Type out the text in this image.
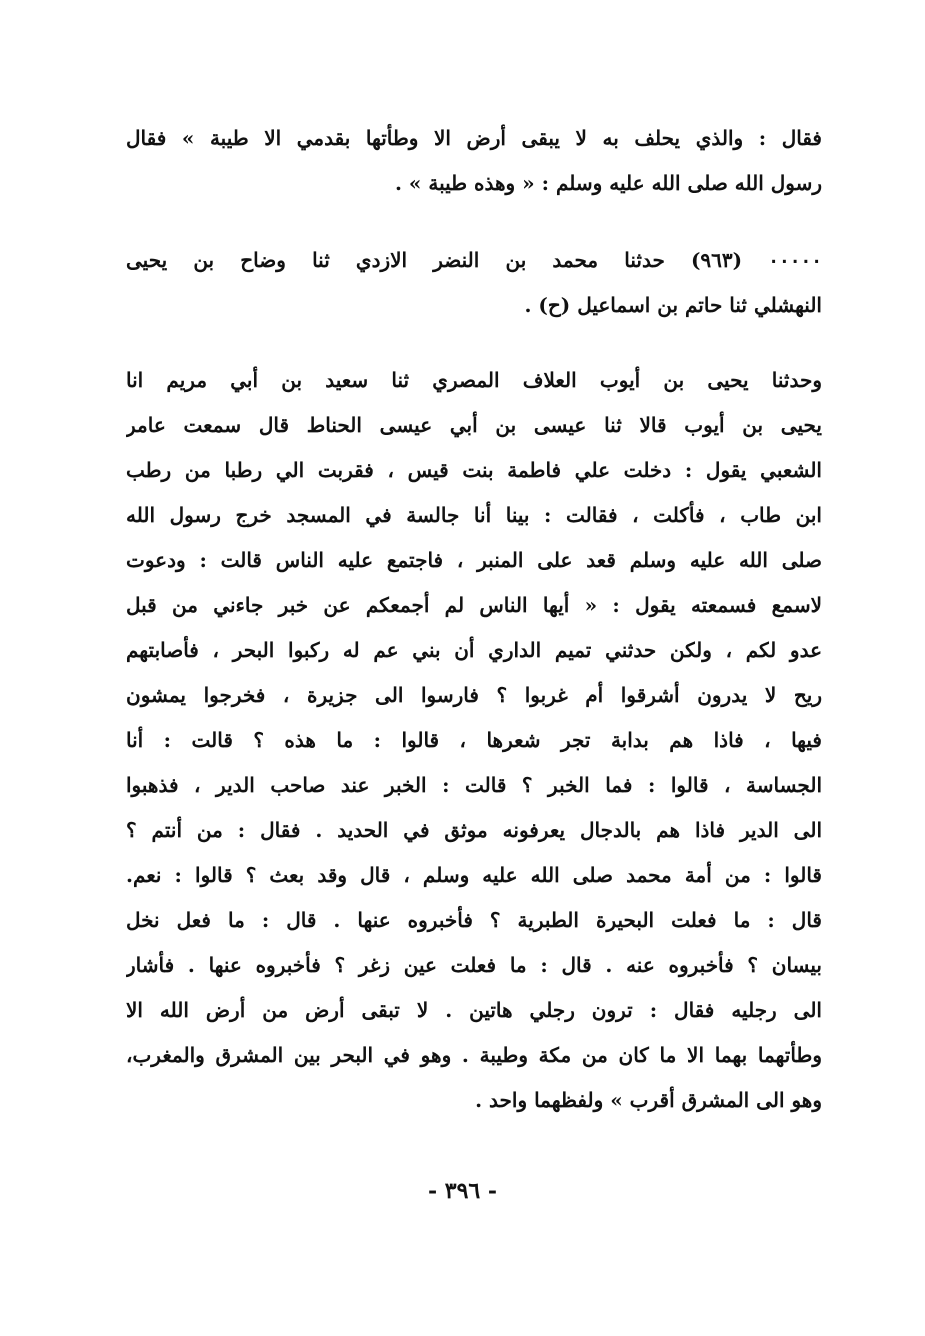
فقال : والذي يحلف به لا يبقى أرض الا وطأتها بقدمي الا طيبة » فقال
رسول الله صلى الله عليه وسلم : « وهذه طيبة » .
٠٠٠٠٠ (٩٦٣) حدثنا محمد بن النضر الازدي ثنا وضاح بن يحيى
النهشلي ثنا حاتم بن اسماعيل (ح) .
وحدثنا يحيى بن أيوب العلاف المصري ثنا سعيد بن أبي مريم انا
يحيى بن أيوب قالا ثنا عيسى بن أبي عيسى الحناط قال سمعت عامر
الشعبي يقول : دخلت علي فاطمة بنت قيس ، فقربت الي رطبا من رطب
ابن طاب ، فأكلت ، فقالت : بينا أنا جالسة في المسجد خرج رسول الله
صلى الله عليه وسلم قعد على المنبر ، فاجتمع عليه الناس قالت : ودعوت
لاسمع فسمعته يقول : « أيها الناس لم أجمعكم عن خبر جاءني من قبل
عدو لكم ، ولكن حدثني تميم الداري أن بني عم له ركبوا البحر ، فأصابتهم
ريح لا يدرون أشرقوا أم غربوا ؟ فارسوا الى جزيرة ، فخرجوا يمشون
فيها ، فاذا هم بدابة تجر شعرها ، قالوا : ما هذه ؟ قالت : أنا
الجساسة ، قالوا : فما الخبر ؟ قالت : الخبر عند صاحب الدير ، فذهبوا
الى الدير فاذا هم بالدجال يعرفونه موثق في الحديد . فقال : من أنتم ؟
قالوا : من أمة محمد صلى الله عليه وسلم ، قال وقد بعث ؟ قالوا : نعم.
قال : ما فعلت البحيرة الطبرية ؟ فأخبروه عنها . قال : ما فعل نخل
بيسان ؟ فأخبروه عنه . قال : ما فعلت عين زغر ؟ فأخبروه عنها . فأشار
الى رجليه فقال : ترون رجلي هاتين . لا تبقى أرض من أرض الله الا
وطأتهما بهما الا ما كان من مكة وطيبة . وهو في البحر بين المشرق والمغرب،
وهو الى المشرق أقرب » ولفظهما واحد .
- ٣٩٦ -
